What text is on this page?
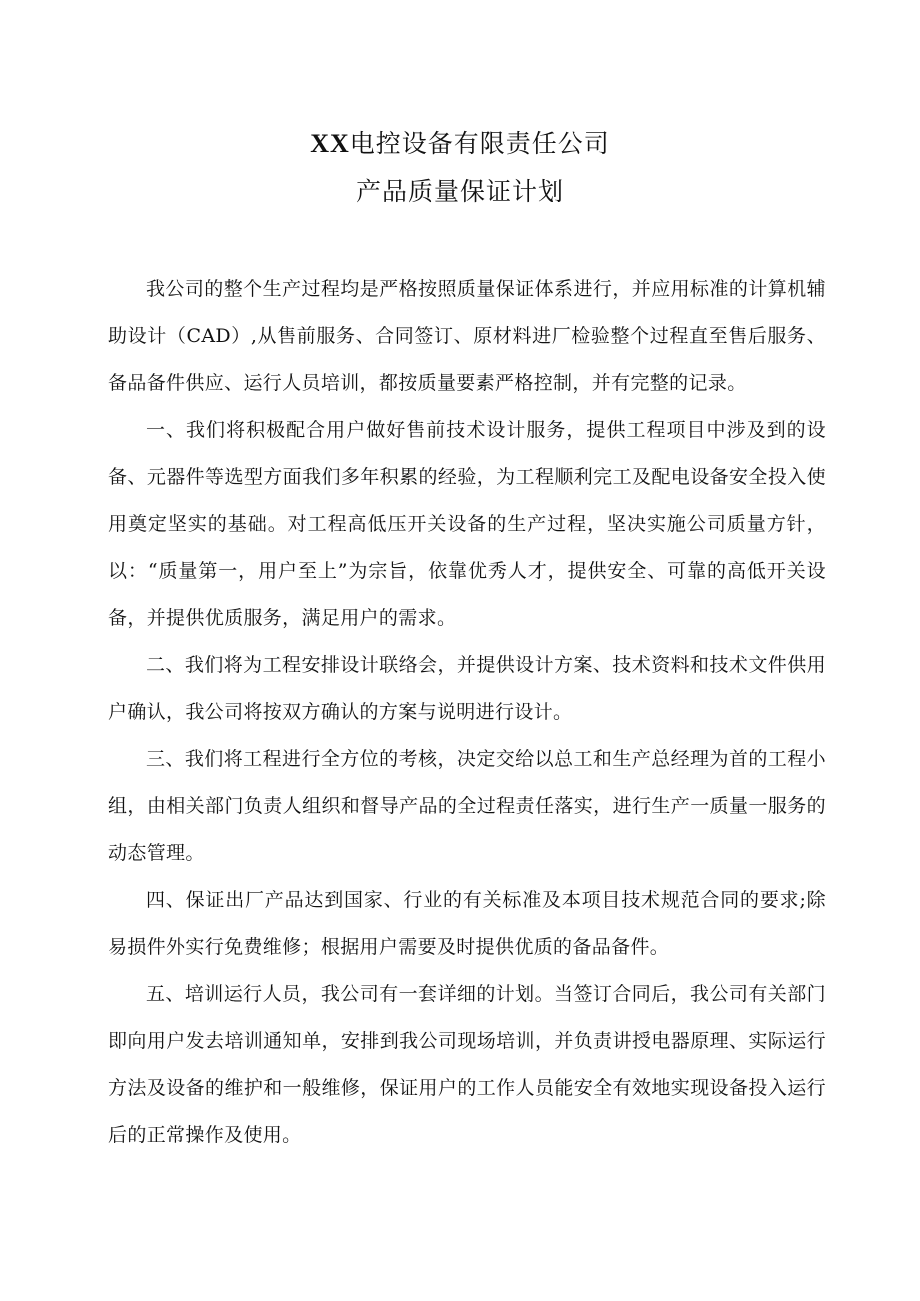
XX电控设备有限责任公司
产品质量保证计划

我公司的整个生产过程均是严格按照质量保证体系进行，并应用标准的计算机辅助设计（CAD）,从售前服务、合同签订、原材料进厂检验整个过程直至售后服务、备品备件供应、运行人员培训，都按质量要素严格控制，并有完整的记录。

一、我们将积极配合用户做好售前技术设计服务，提供工程项目中涉及到的设备、元器件等选型方面我们多年积累的经验，为工程顺利完工及配电设备安全投入使用奠定坚实的基础。对工程高低压开关设备的生产过程，坚决实施公司质量方针，以：“质量第一，用户至上”为宗旨，依靠优秀人才，提供安全、可靠的高低开关设备，并提供优质服务，满足用户的需求。

二、我们将为工程安排设计联络会，并提供设计方案、技术资料和技术文件供用户确认，我公司将按双方确认的方案与说明进行设计。

三、我们将工程进行全方位的考核，决定交给以总工和生产总经理为首的工程小组，由相关部门负责人组织和督导产品的全过程责任落实，进行生产一质量一服务的动态管理。

四、保证出厂产品达到国家、行业的有关标准及本项目技术规范合同的要求;除易损件外实行免费维修；根据用户需要及时提供优质的备品备件。

五、培训运行人员，我公司有一套详细的计划。当签订合同后，我公司有关部门即向用户发去培训通知单，安排到我公司现场培训，并负责讲授电器原理、实际运行方法及设备的维护和一般维修，保证用户的工作人员能安全有效地实现设备投入运行后的正常操作及使用。
